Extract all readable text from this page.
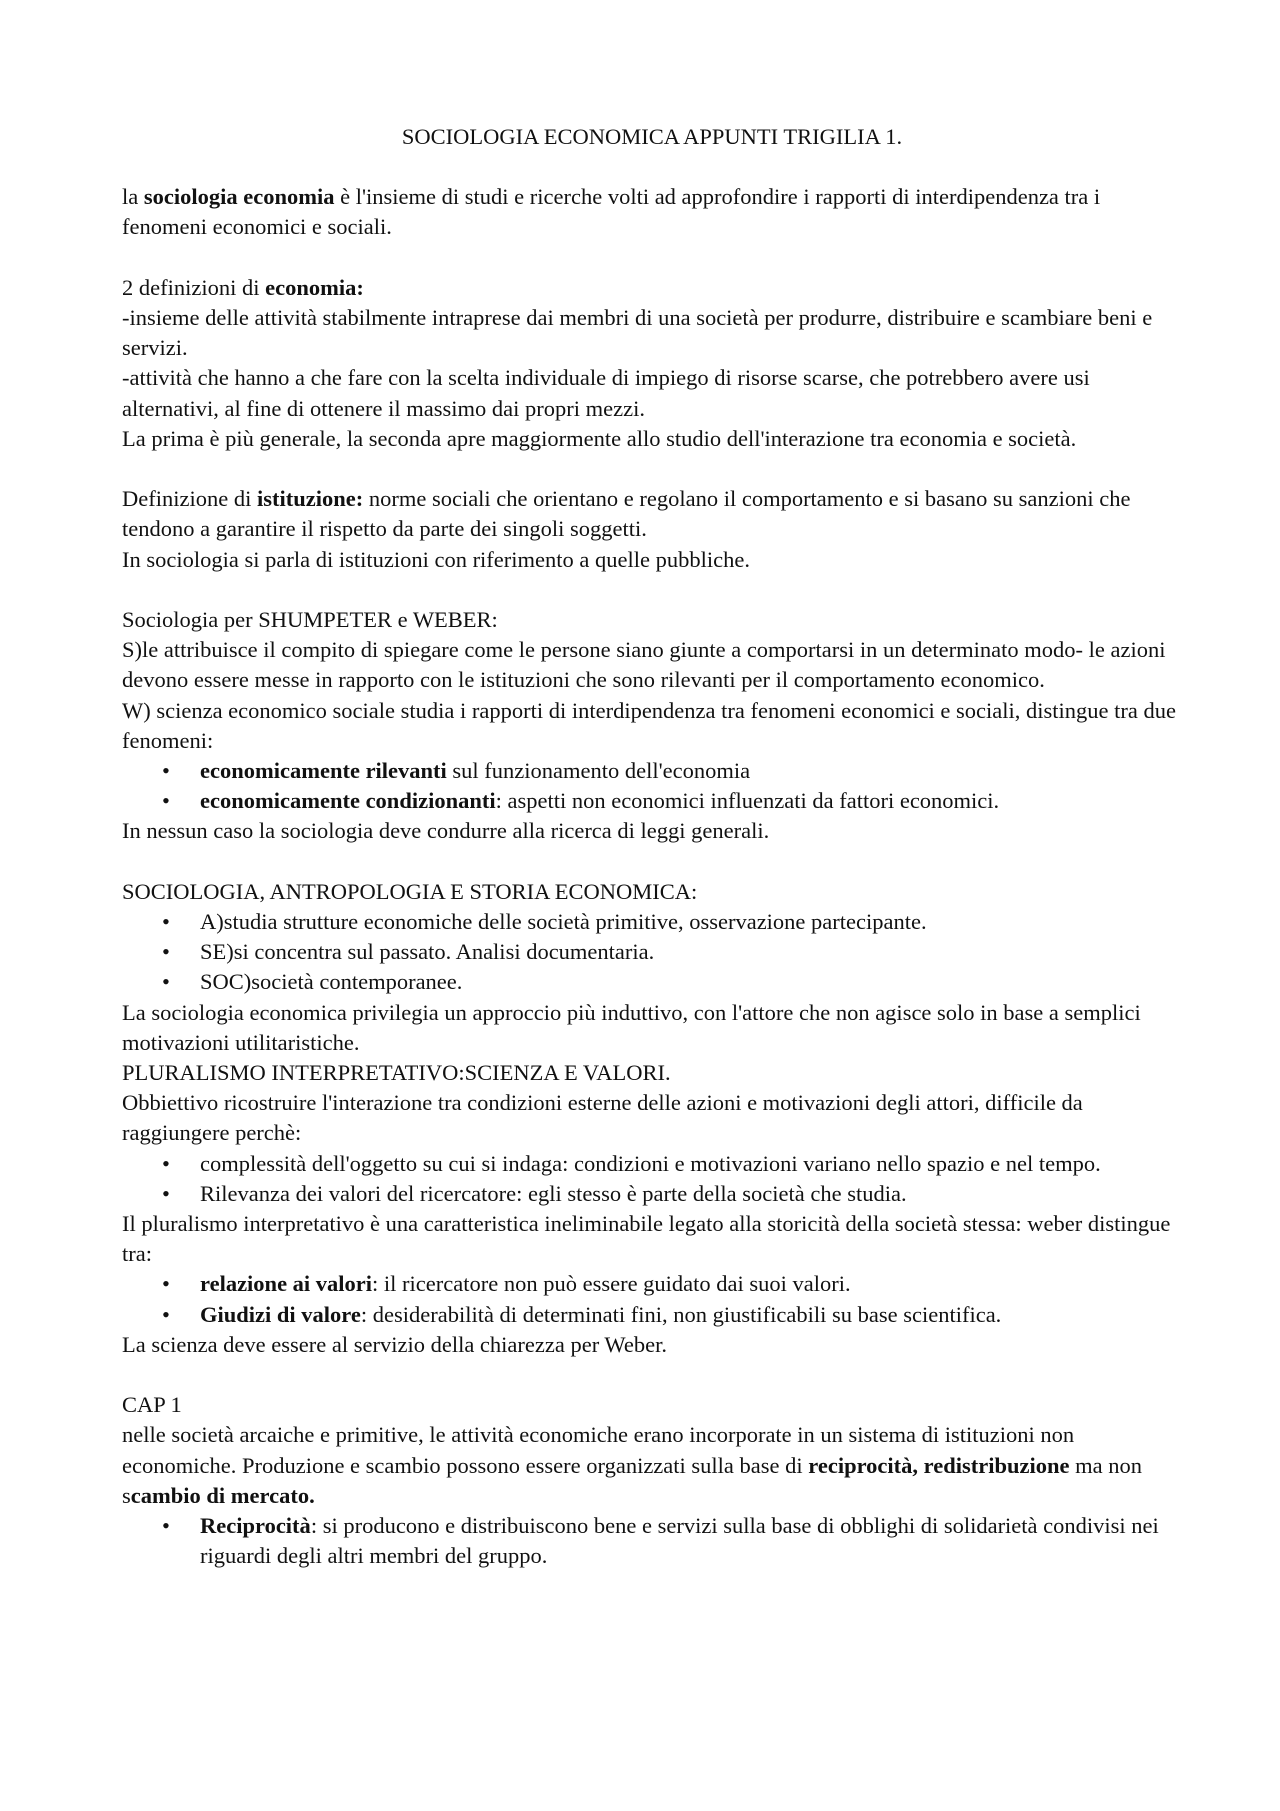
SOCIOLOGIA ECONOMICA APPUNTI TRIGILIA 1.

la sociologia economia è l'insieme di studi e ricerche volti ad approfondire i rapporti di interdipendenza tra i fenomeni economici e sociali.

2 definizioni di economia:

-insieme delle attività stabilmente intraprese dai membri di una società per produrre, distribuire e scambiare beni e servizi.

-attività che hanno a che fare con la scelta individuale di impiego di risorse scarse, che potrebbero avere usi alternativi, al fine di ottenere il massimo dai propri mezzi.

La prima è più generale, la seconda apre maggiormente allo studio dell'interazione tra economia e società.

Definizione di istituzione: norme sociali che orientano e regolano il comportamento e si basano su sanzioni che tendono a garantire il rispetto da parte dei singoli soggetti.

In sociologia si parla di istituzioni con riferimento a quelle pubbliche.

Sociologia per SHUMPETER e WEBER:

S)le attribuisce il compito di spiegare come le persone siano giunte a comportarsi in un determinato modo- le azioni devono essere messe in rapporto con le istituzioni che sono rilevanti per il comportamento economico.

W) scienza economico sociale studia i rapporti di interdipendenza tra fenomeni economici e sociali, distingue tra due fenomeni:

• economicamente rilevanti sul funzionamento dell'economia
• economicamente condizionanti: aspetti non economici influenzati da fattori economici.

In nessun caso la sociologia deve condurre alla ricerca di leggi generali.

SOCIOLOGIA, ANTROPOLOGIA E STORIA ECONOMICA:

• A)studia strutture economiche delle società primitive, osservazione partecipante.
• SE)si concentra sul passato. Analisi documentaria.
• SOC)società contemporanee.

La sociologia economica privilegia un approccio più induttivo, con l'attore che non agisce solo in base a semplici motivazioni utilitaristiche.

PLURALISMO INTERPRETATIVO:SCIENZA E VALORI.

Obbiettivo ricostruire l'interazione tra condizioni esterne delle azioni e motivazioni degli attori, difficile da raggiungere perchè:

• complessità dell'oggetto su cui si indaga: condizioni e motivazioni variano nello spazio e nel tempo.
• Rilevanza dei valori del ricercatore: egli stesso è parte della società che studia.

Il pluralismo interpretativo è una caratteristica ineliminabile legato alla storicità della società stessa: weber distingue tra:

• relazione ai valori: il ricercatore non può essere guidato dai suoi valori.
• Giudizi di valore: desiderabilità di determinati fini, non giustificabili su base scientifica.

La scienza deve essere al servizio della chiarezza per Weber.

CAP 1

nelle società arcaiche e primitive, le attività economiche erano incorporate in un sistema di istituzioni non economiche. Produzione e scambio possono essere organizzati sulla base di reciprocità, redistribuzione ma non scambio di mercato.

• Reciprocità: si producono e distribuiscono bene e servizi sulla base di obblighi di solidarietà condivisi nei riguardi degli altri membri del gruppo.
